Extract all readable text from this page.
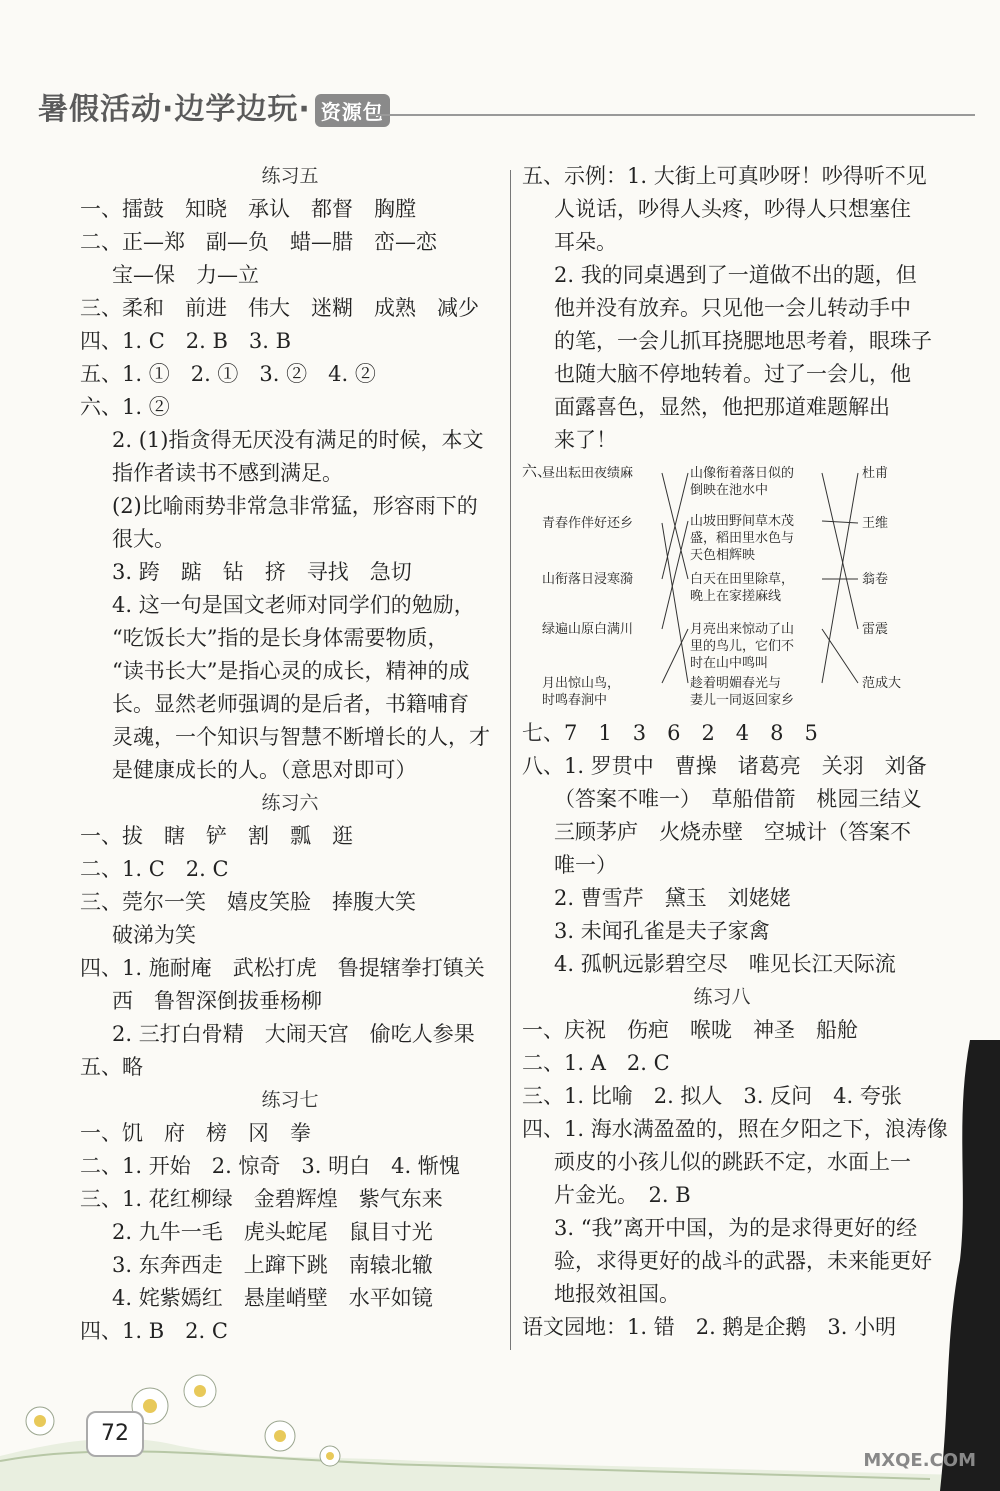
暑假活动·边学边玩· 资源包
练习五
一、擂鼓　知晓　承认　都督　胸膛
二、正—郑　副—负　蜡—腊　峦—恋
宝—保　力—立
三、柔和　前进　伟大　迷糊　成熟　减少
四、1. C　2. B　3. B
五、1. ①　2. ①　3. ②　4. ②
六、1. ②
2. (1)指贪得无厌没有满足的时候，本文
指作者读书不感到满足。
(2)比喻雨势非常急非常猛，形容雨下的
很大。
3. 跨　踮　钻　挤　寻找　急切
4. 这一句是国文老师对同学们的勉励，
“吃饭长大”指的是长身体需要物质，
“读书长大”是指心灵的成长，精神的成
长。显然老师强调的是后者，书籍哺育
灵魂，一个知识与智慧不断增长的人，才
是健康成长的人。（意思对即可）
练习六
一、拔　瞎　铲　割　瓢　逛
二、1. C　2. C
三、莞尔一笑　嬉皮笑脸　捧腹大笑
破涕为笑
四、1. 施耐庵　武松打虎　鲁提辖拳打镇关
西　鲁智深倒拔垂杨柳
2. 三打白骨精　大闹天宫　偷吃人参果
五、略
练习七
一、饥　府　榜　冈　拳
二、1. 开始　2. 惊奇　3. 明白　4. 惭愧
三、1. 花红柳绿　金碧辉煌　紫气东来
2. 九牛一毛　虎头蛇尾　鼠目寸光
3. 东奔西走　上蹿下跳　南辕北辙
4. 姹紫嫣红　悬崖峭壁　水平如镜
四、1. B　2. C
五、示例：1. 大街上可真吵呀！吵得听不见
人说话，吵得人头疼，吵得人只想塞住
耳朵。
2. 我的同桌遇到了一道做不出的题，但
他并没有放弃。只见他一会儿转动手中
的笔，一会儿抓耳挠腮地思考着，眼珠子
也随大脑不停地转着。过了一会儿，他
面露喜色，显然，他把那道难题解出
来了！
六、
昼出耘田夜绩麻
青春作伴好还乡
山衔落日浸寒漪
绿遍山原白满川
月出惊山鸟，
时鸣春涧中
山像衔着落日似的
倒映在池水中
山坡田野间草木茂
盛，稻田里水色与
天色相辉映
白天在田里除草，
晚上在家搓麻线
月亮出来惊动了山
里的鸟儿，它们不
时在山中鸣叫
趁着明媚春光与
妻儿一同返回家乡
杜甫
王维
翁卷
雷震
范成大
七、7　1　3　6　2　4　8　5
八、1. 罗贯中　曹操　诸葛亮　关羽　刘备
（答案不唯一）　草船借箭　桃园三结义
三顾茅庐　火烧赤壁　空城计（答案不
唯一）
2. 曹雪芹　黛玉　刘姥姥
3. 未闻孔雀是夫子家禽
4. 孤帆远影碧空尽　唯见长江天际流
练习八
一、庆祝　伤疤　喉咙　神圣　船舱
二、1. A　2. C
三、1. 比喻　2. 拟人　3. 反问　4. 夸张
四、1. 海水满盈盈的，照在夕阳之下，浪涛像
顽皮的小孩儿似的跳跃不定，水面上一
片金光。　2. B
3. “我”离开中国，为的是求得更好的经
验，求得更好的战斗的武器，未来能更好
地报效祖国。
语文园地：1. 错　2. 鹅是企鹅　3. 小明
72
MXQE.COM
